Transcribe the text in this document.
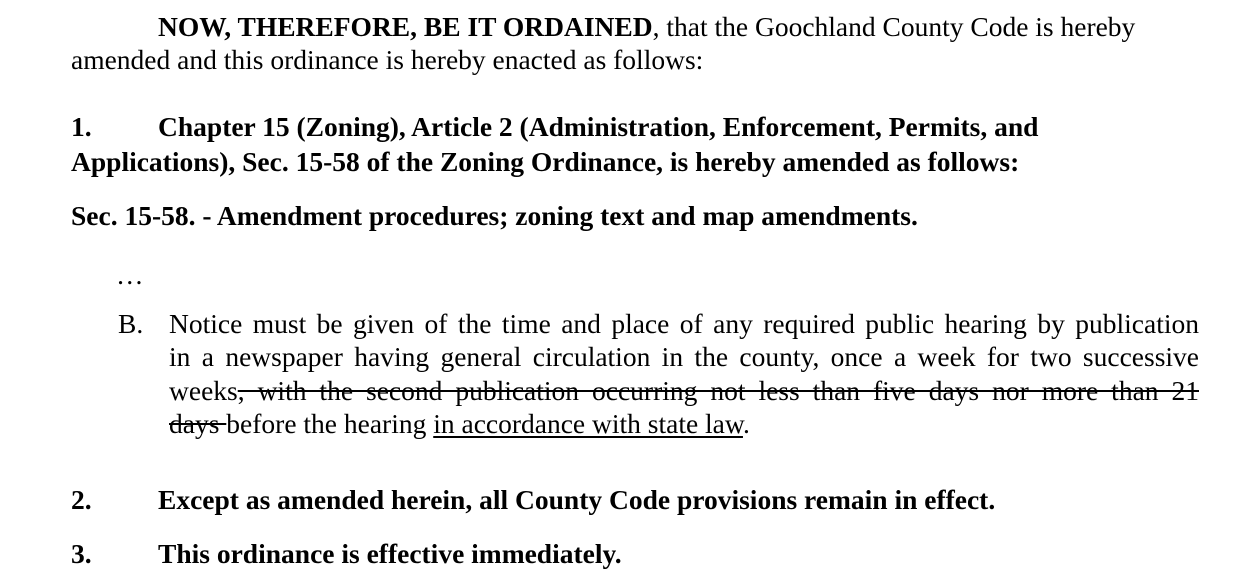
NOW, THEREFORE, BE IT ORDAINED, that the Goochland County Code is hereby
amended and this ordinance is hereby enacted as follows:
1. Chapter 15 (Zoning), Article 2 (Administration, Enforcement, Permits, and
Applications), Sec. 15-58 of the Zoning Ordinance, is hereby amended as follows:
Sec. 15-58. - Amendment procedures; zoning text and map amendments.
…
B. Notice must be given of the time and place of any required public hearing by publication
in a newspaper having general circulation in the county, once a week for two successive
weeks, with the second publication occurring not less than five days nor more than 21
days before the hearing in accordance with state law.
2. Except as amended herein, all County Code provisions remain in effect.
3. This ordinance is effective immediately.
